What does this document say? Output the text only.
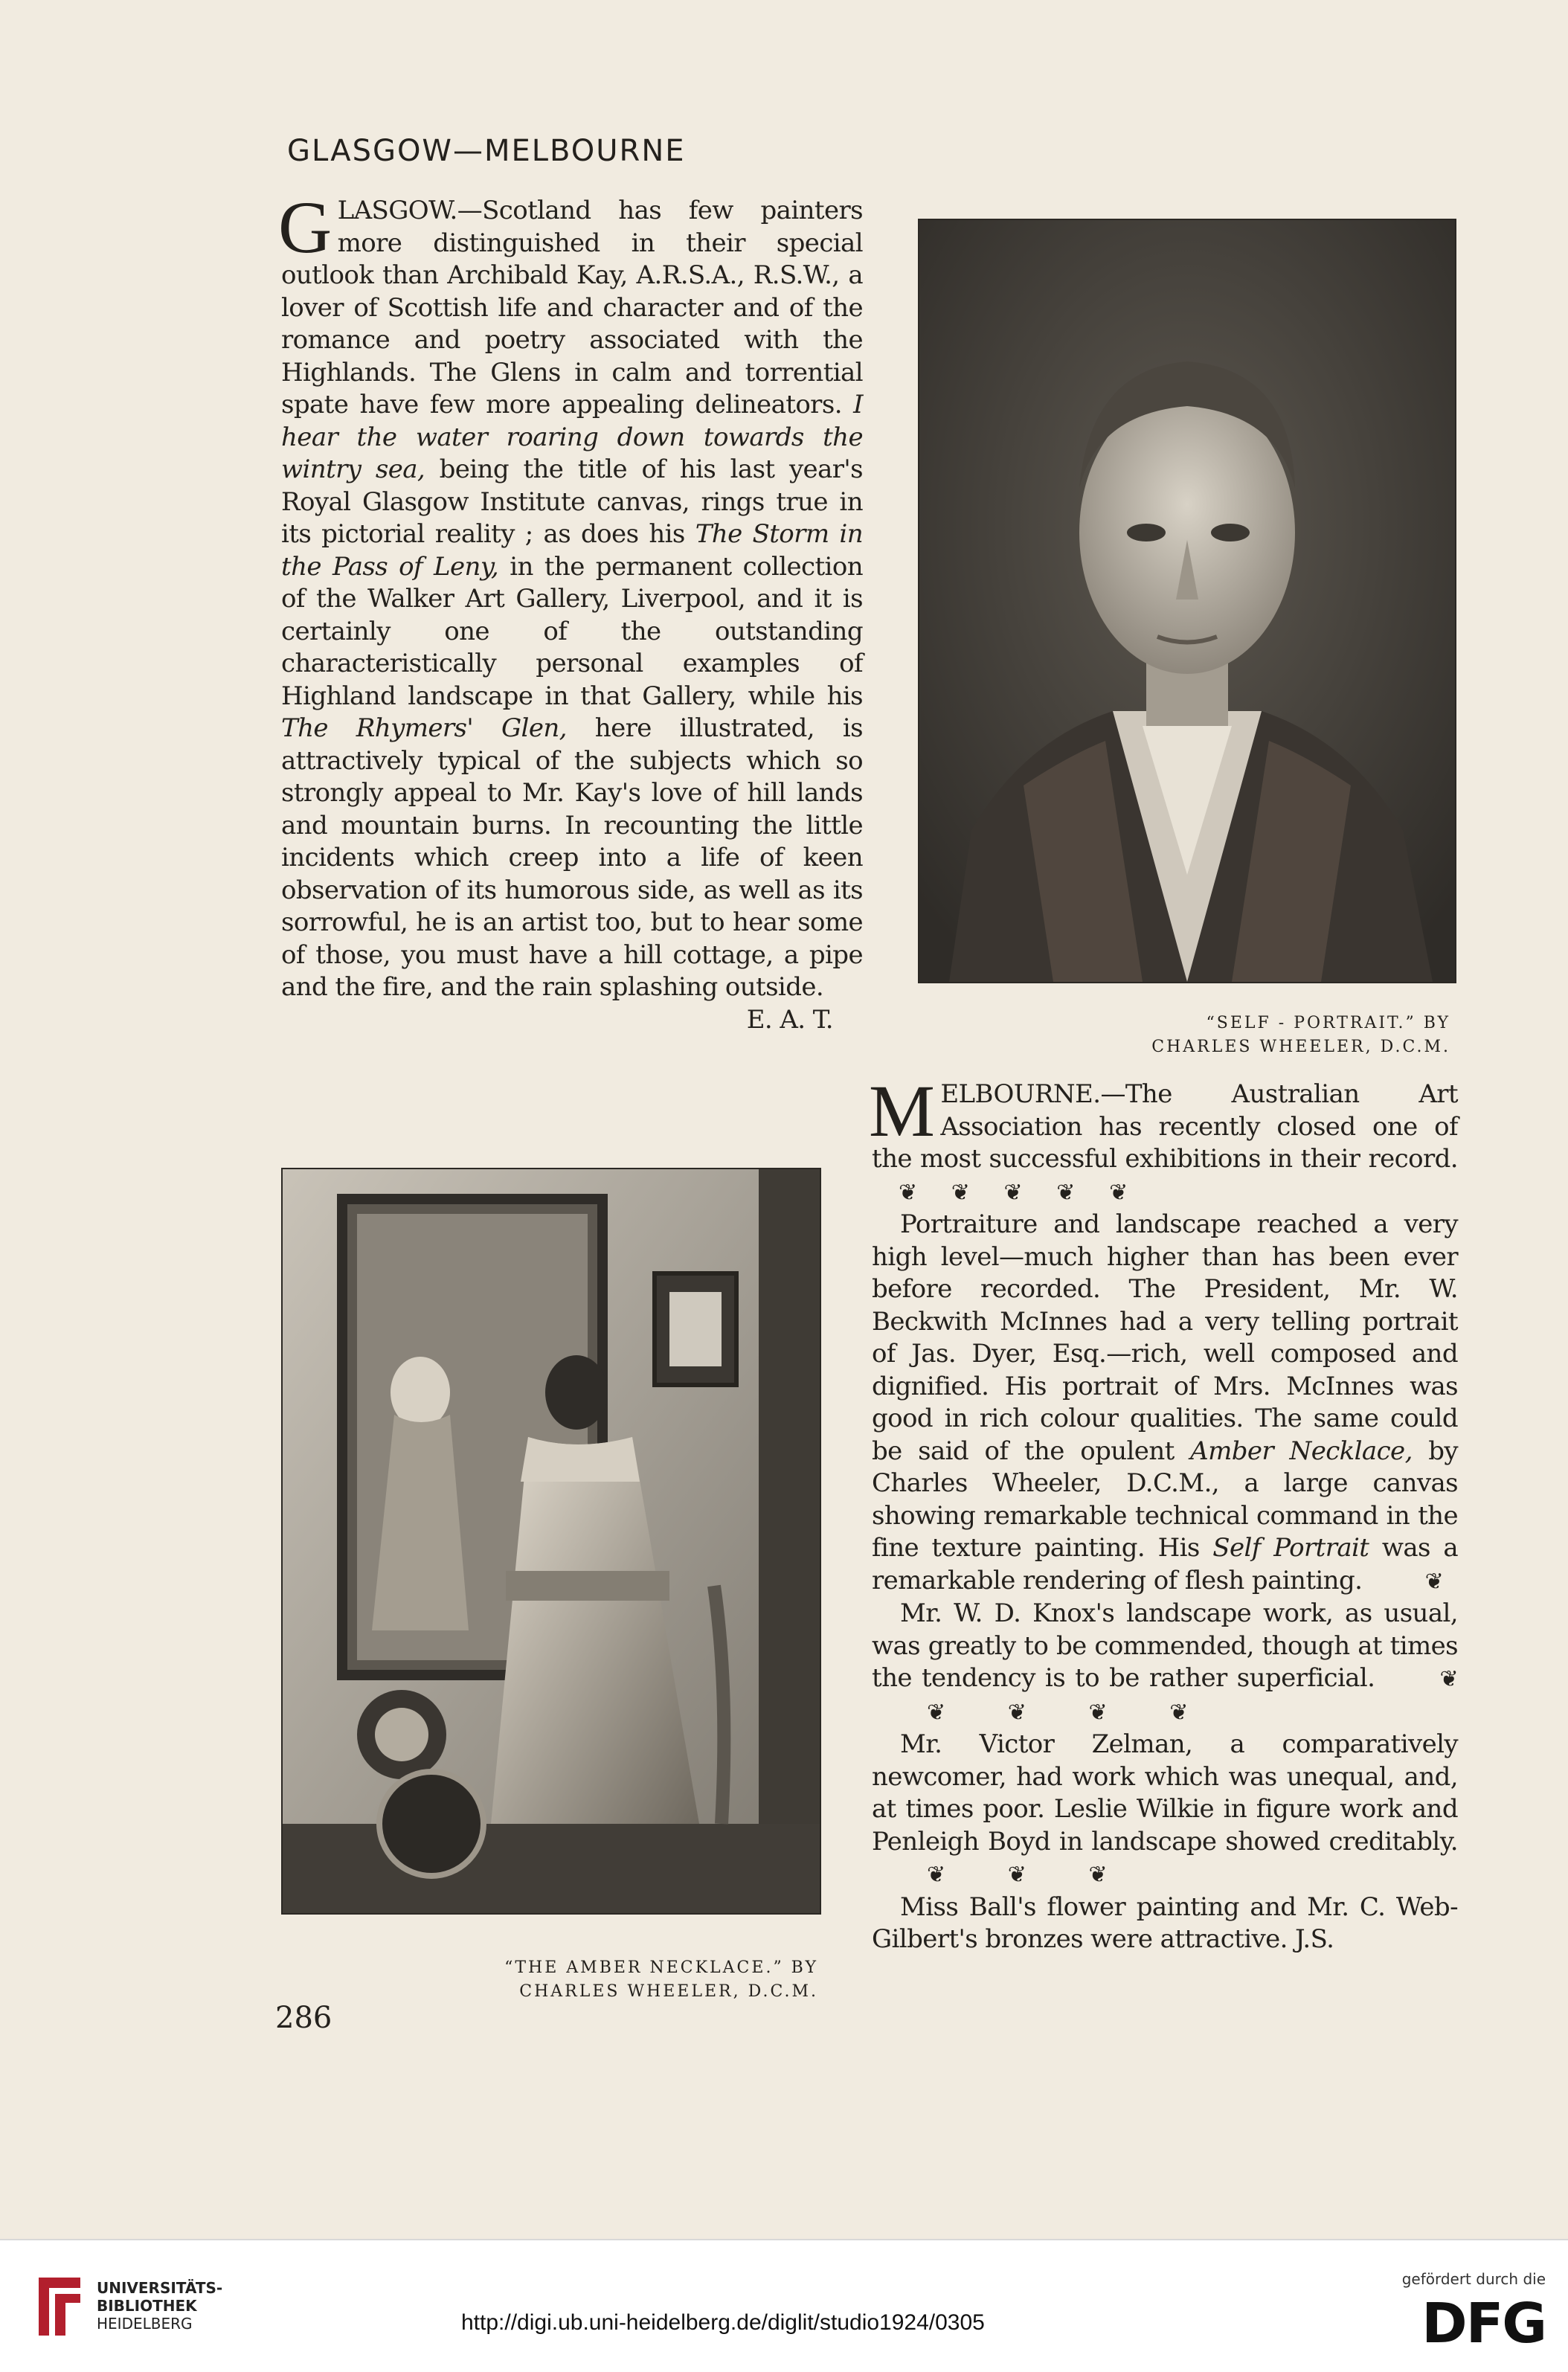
GLASGOW—MELBOURNE

G LASGOW.—Scotland has few painters more distinguished in their special outlook than Archibald Kay, A.R.S.A., R.S.W., a lover of Scottish life and character and of the romance and poetry associated with the Highlands. The Glens in calm and torrential spate have few more appealing delineators. I hear the water roaring down towards the wintry sea, being the title of his last year's Royal Glasgow Institute canvas, rings true in its pictorial reality ; as does his The Storm in the Pass of Leny, in the permanent collection of the Walker Art Gallery, Liverpool, and it is certainly one of the outstanding characteristically personal examples of Highland landscape in that Gallery, while his The Rhymers' Glen, here illustrated, is attractively typical of the subjects which so strongly appeal to Mr. Kay's love of hill lands and mountain burns. In recounting the little incidents which creep into a life of keen observation of its humorous side, as well as its sorrowful, he is an artist too, but to hear some of those, you must have a hill cottage, a pipe and the fire, and the rain splashing outside.
E. A. T.	“SELF - PORTRAIT.” BY
CHARLES WHEELER, D.C.M.
“THE AMBER NECKLACE.” BY
CHARLES WHEELER, D.C.M.

M ELBOURNE.—The Australian Art Association has recently closed one of the most successful exhibitions in their record. ❦ ❦ ❦ ❦ ❦

Portraiture and landscape reached a very high level—much higher than has been ever before recorded. The President, Mr. W. Beckwith McInnes had a very telling portrait of Jas. Dyer, Esq.—rich, well composed and dignified. His portrait of Mrs. McInnes was good in rich colour qualities. The same could be said of the opulent Amber Necklace, by Charles Wheeler, D.C.M., a large canvas showing remarkable technical command in the fine texture painting. His Self Portrait was a remarkable rendering of flesh painting.	❦

Mr. W. D. Knox's landscape work, as usual, was greatly to be commended, though at times the tendency is to be rather superficial.	❦ ❦	❦	❦	❦

Mr. Victor Zelman, a comparatively newcomer, had work which was unequal, and, at times poor. Leslie Wilkie in figure work and Penleigh Boyd in landscape showed creditably. ❦	❦	❦

Miss Ball's flower painting and Mr. C. Web-Gilbert's bronzes were attractive. J.S.

286
UNIVERSITÄTS-
BIBLIOTHEK
HEIDELBERG	http://digi.ub.uni-heidelberg.de/diglit/studio1924/0305
gefördert durch die
DFG
